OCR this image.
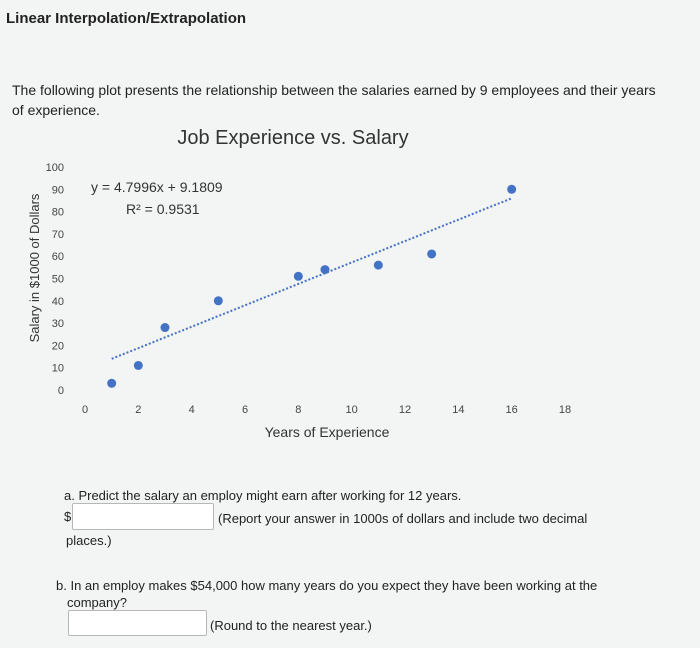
Linear Interpolation/Extrapolation
The following plot presents the relationship between the salaries earned by 9 employees and their years of experience.
Job Experience vs. Salary
Salary in $1000 of Dollars
Years of Experience
y = 4.7996x + 9.1809
R² = 0.9531
0
10
20
30
40
50
60
70
80
90
100
0	2	4	6	8	10	12	14	16	18
a. Predict the salary an employ might earn after working for 12 years.
$	(Report your answer in 1000s of dollars and include two decimal
places.)
b. In an employ makes $54,000 how many years do you expect they have been working at the
company?
(Round to the nearest year.)
